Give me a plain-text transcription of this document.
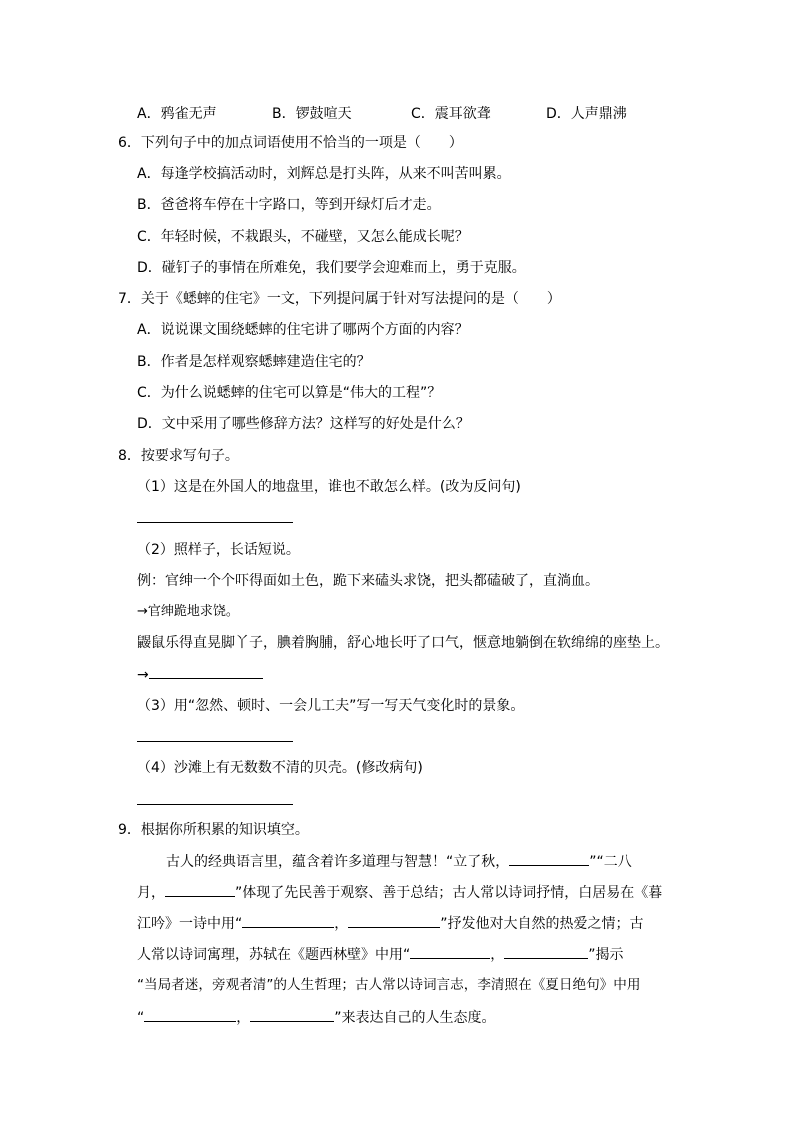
A．鸦雀无声	B．锣鼓喧天	C．震耳欲聋	D．人声鼎沸
6．下列句子中的加点词语使用不恰当的一项是（　　）
A．每逢学校搞活动时，刘辉总是打头阵，从来不叫苦叫累。
B．爸爸将车停在十字路口，等到开绿灯后才走。
C．年轻时候，不栽跟头，不碰壁，又怎么能成长呢？
D．碰钉子的事情在所难免，我们要学会迎难而上，勇于克服。
7．关于《蟋蟀的住宅》一文，下列提问属于针对写法提问的是（　　）
A．说说课文围绕蟋蟀的住宅讲了哪两个方面的内容？
B．作者是怎样观察蟋蟀建造住宅的？
C．为什么说蟋蟀的住宅可以算是“伟大的工程”？
D．文中采用了哪些修辞方法？这样写的好处是什么？
8．按要求写句子。
（1）这是在外国人的地盘里，谁也不敢怎么样。(改为反问句)
（2）照样子，长话短说。
例：官绅一个个吓得面如土色，跪下来磕头求饶，把头都磕破了，直淌血。
→官绅跪地求饶。
鼹鼠乐得直晃脚丫子，腆着胸脯，舒心地长吁了口气，惬意地躺倒在软绵绵的座垫上。
→
（3）用“忽然、顿时、一会儿工夫”写一写天气变化时的景象。
（4）沙滩上有无数数不清的贝壳。(修改病句)
9．根据你所积累的知识填空。
古人的经典语言里，蕴含着许多道理与智慧！“立了秋，	”“二八
月，	”体现了先民善于观察、善于总结；古人常以诗词抒情，白居易在《暮
江吟》一诗中用“	，	”抒发他对大自然的热爱之情；古
人常以诗词寓理，苏轼在《题西林壁》中用“	，	”揭示
“当局者迷，旁观者清”的人生哲理；古人常以诗词言志，李清照在《夏日绝句》中用
“	，	”来表达自己的人生态度。
